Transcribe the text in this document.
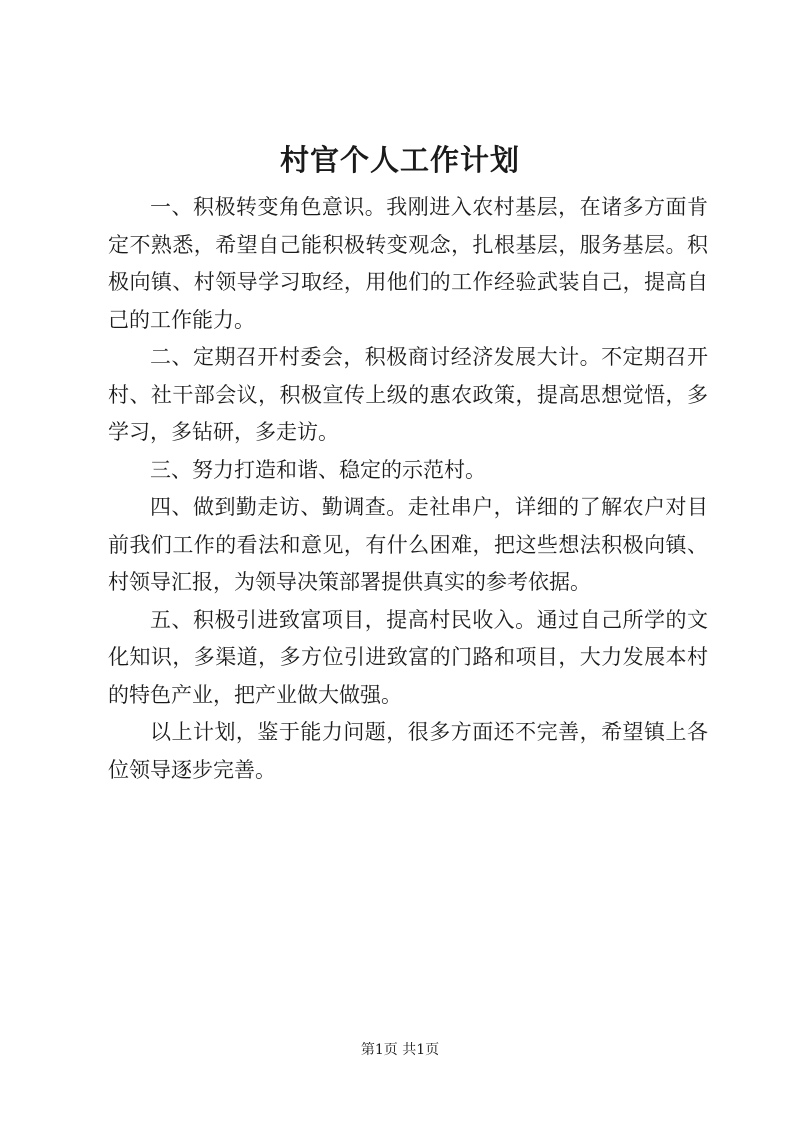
村官个人工作计划

一、积极转变角色意识。我刚进入农村基层，在诸多方面肯定不熟悉，希望自己能积极转变观念，扎根基层，服务基层。积极向镇、村领导学习取经，用他们的工作经验武装自己，提高自己的工作能力。

二、定期召开村委会，积极商讨经济发展大计。不定期召开村、社干部会议，积极宣传上级的惠农政策，提高思想觉悟，多学习，多钻研，多走访。

三、努力打造和谐、稳定的示范村。

四、做到勤走访、勤调查。走社串户，详细的了解农户对目前我们工作的看法和意见，有什么困难，把这些想法积极向镇、村领导汇报，为领导决策部署提供真实的参考依据。

五、积极引进致富项目，提高村民收入。通过自己所学的文化知识，多渠道，多方位引进致富的门路和项目，大力发展本村的特色产业，把产业做大做强。

以上计划，鉴于能力问题，很多方面还不完善，希望镇上各位领导逐步完善。

第1页 共1页
